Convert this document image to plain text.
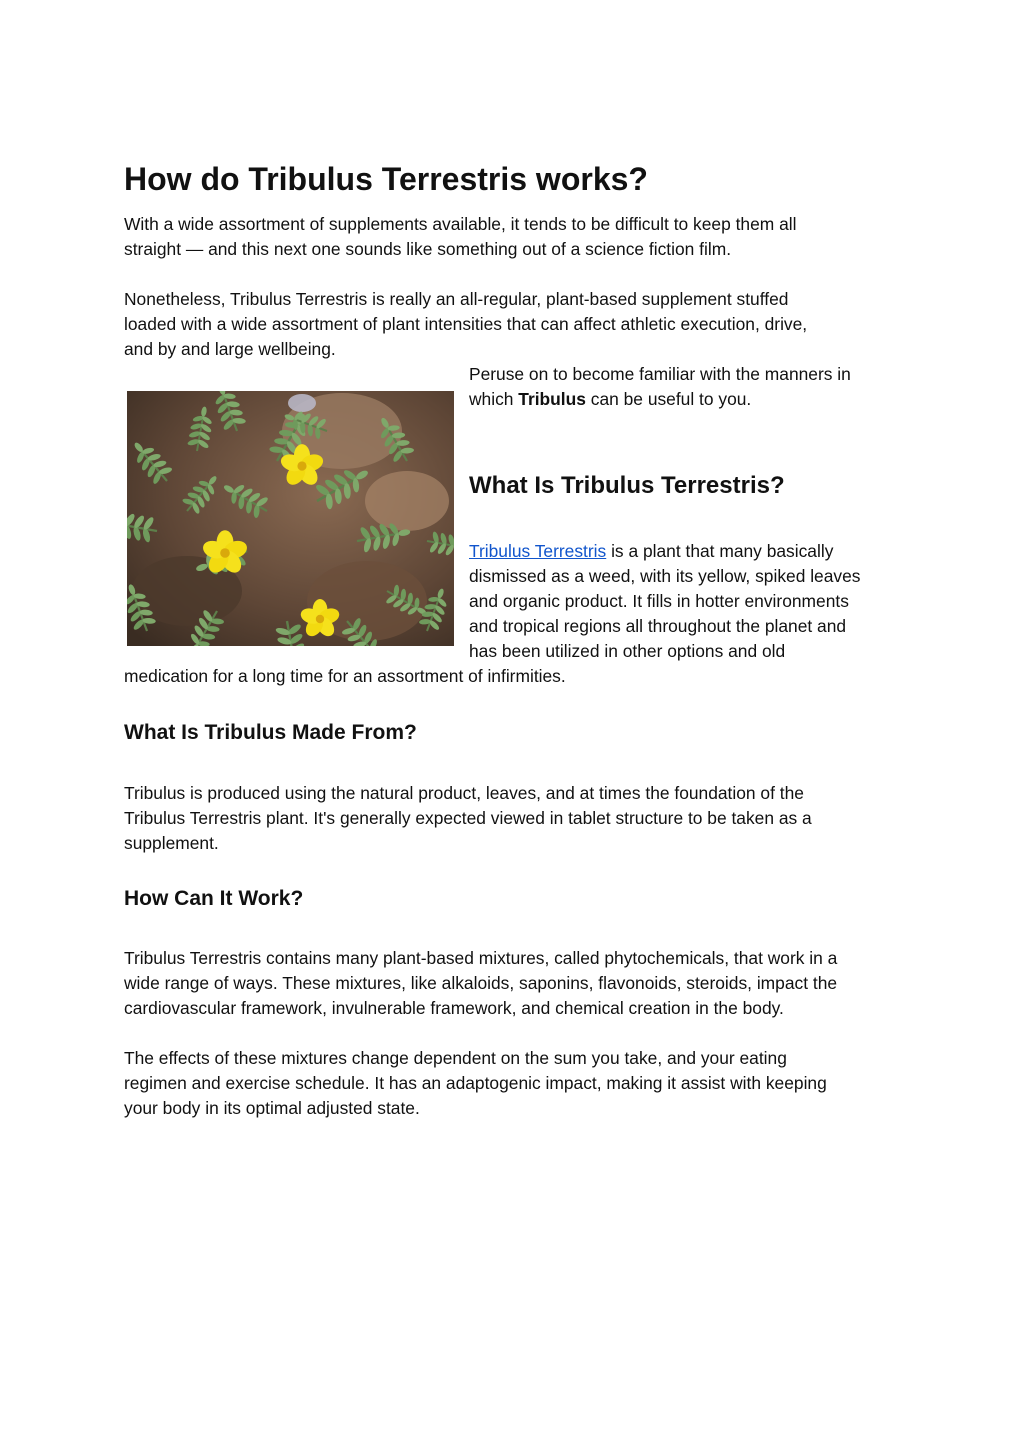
How do Tribulus Terrestris works?

With a wide assortment of supplements available, it tends to be difficult to keep them all
straight — and this next one sounds like something out of a science fiction film.

Nonetheless, Tribulus Terrestris is really an all-regular, plant-based supplement stuffed
loaded with a wide assortment of plant intensities that can affect athletic execution, drive,
and by and large wellbeing.

Peruse on to become familiar with the manners in
which Tribulus can be useful to you.

What Is Tribulus Terrestris?

Tribulus Terrestris is a plant that many basically
dismissed as a weed, with its yellow, spiked leaves
and organic product. It fills in hotter environments
and tropical regions all throughout the planet and
has been utilized in other options and old

medication for a long time for an assortment of infirmities.

What Is Tribulus Made From?

Tribulus is produced using the natural product, leaves, and at times the foundation of the
Tribulus Terrestris plant. It's generally expected viewed in tablet structure to be taken as a
supplement.

How Can It Work?

Tribulus Terrestris contains many plant-based mixtures, called phytochemicals, that work in a
wide range of ways. These mixtures, like alkaloids, saponins, flavonoids, steroids, impact the
cardiovascular framework, invulnerable framework, and chemical creation in the body.

The effects of these mixtures change dependent on the sum you take, and your eating
regimen and exercise schedule. It has an adaptogenic impact, making it assist with keeping
your body in its optimal adjusted state.
